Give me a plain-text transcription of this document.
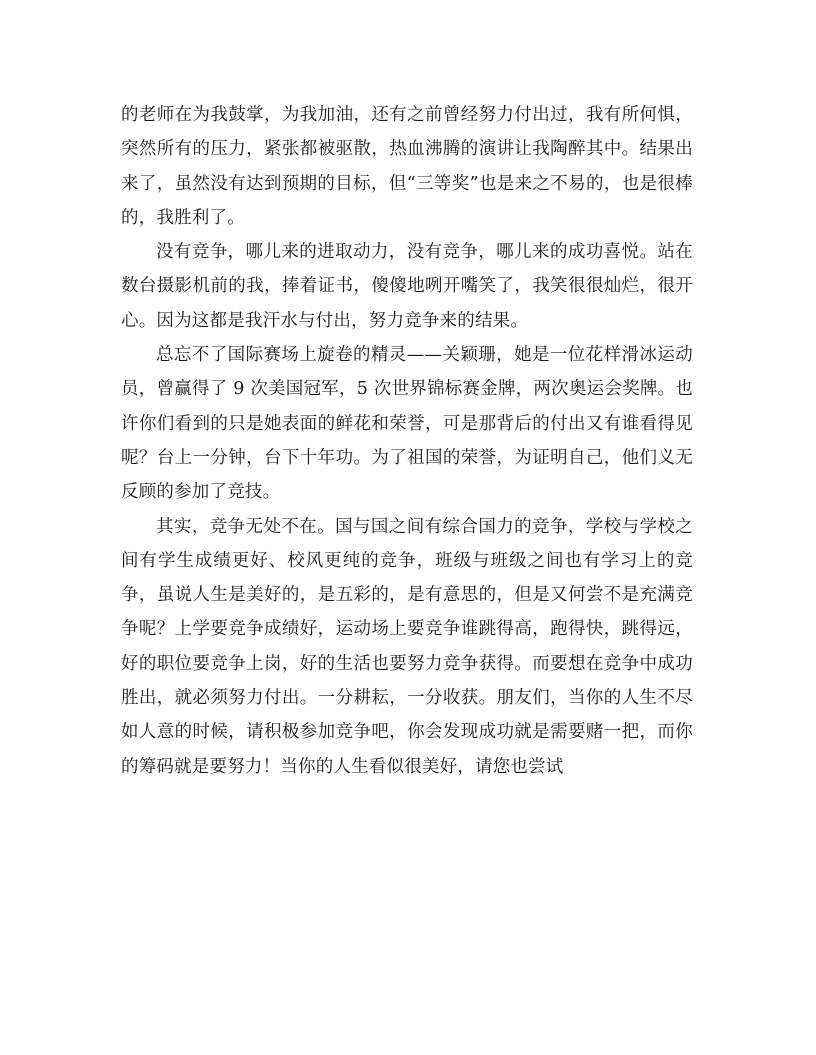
的老师在为我鼓掌，为我加油，还有之前曾经努力付出过，我有所何惧，突然所有的压力，紧张都被驱散，热血沸腾的演讲让我陶醉其中。结果出来了，虽然没有达到预期的目标，但“三等奖”也是来之不易的，也是很棒的，我胜利了。

没有竞争，哪儿来的进取动力，没有竞争，哪儿来的成功喜悦。站在数台摄影机前的我，捧着证书，傻傻地咧开嘴笑了，我笑很很灿烂，很开心。因为这都是我汗水与付出，努力竞争来的结果。

总忘不了国际赛场上旋卷的精灵——关颖珊，她是一位花样滑冰运动员，曾赢得了 9 次美国冠军，5 次世界锦标赛金牌，两次奥运会奖牌。也许你们看到的只是她表面的鲜花和荣誉，可是那背后的付出又有谁看得见呢？台上一分钟，台下十年功。为了祖国的荣誉，为证明自己，他们义无反顾的参加了竞技。

其实，竞争无处不在。国与国之间有综合国力的竞争，学校与学校之间有学生成绩更好、校风更纯的竞争，班级与班级之间也有学习上的竞争，虽说人生是美好的，是五彩的，是有意思的，但是又何尝不是充满竞争呢？上学要竞争成绩好，运动场上要竞争谁跳得高，跑得快，跳得远，好的职位要竞争上岗，好的生活也要努力竞争获得。而要想在竞争中成功胜出，就必须努力付出。一分耕耘，一分收获。朋友们，当你的人生不尽如人意的时候，请积极参加竞争吧，你会发现成功就是需要赌一把，而你的筹码就是要努力！当你的人生看似很美好，请您也尝试
